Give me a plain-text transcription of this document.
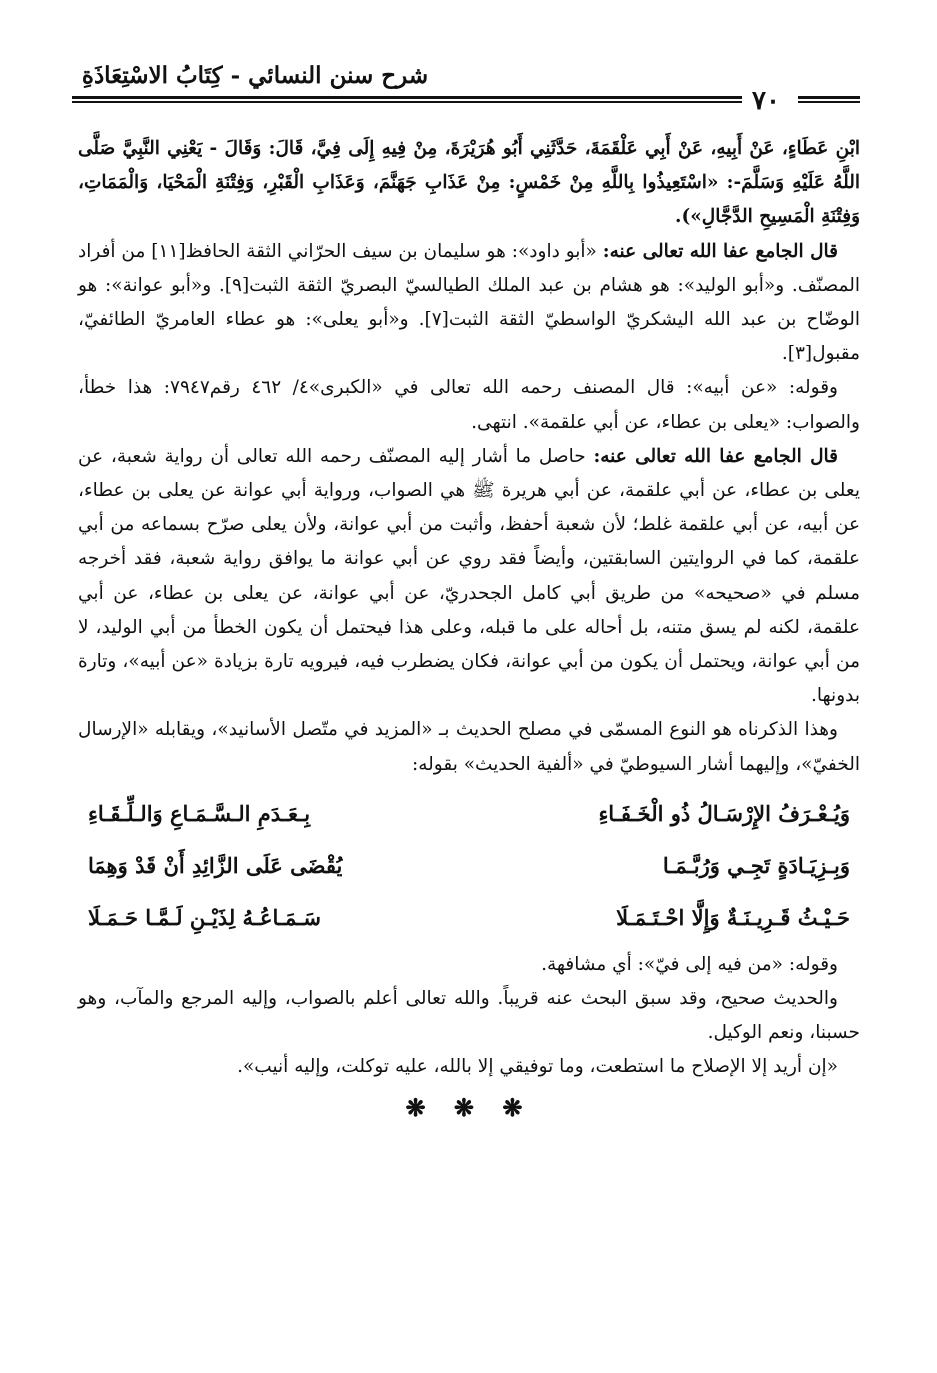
شرح سنن النسائي - كِتَابُ الاسْتِعَاذَةِ
٧٠

ابْنِ عَطَاءٍ، عَنْ أَبِيهِ، عَنْ أَبِي عَلْقَمَةَ، حَدَّثَنِي أَبُو هُرَيْرَةَ، مِنْ فِيهِ إِلَى فِيَّ، قَالَ: وَقَالَ - يَعْنِي النَّبِيَّ صَلَّى اللَّهُ عَلَيْهِ وَسَلَّمَ-: «اسْتَعِيذُوا بِاللَّهِ مِنْ خَمْسٍ: مِنْ عَذَابِ جَهَنَّمَ، وَعَذَابِ الْقَبْرِ، وَفِتْنَةِ الْمَحْيَا، وَالْمَمَاتِ، وَفِتْنَةِ الْمَسِيحِ الدَّجَّالِ»).

قال الجامع عفا الله تعالى عنه: «أبو داود»: هو سليمان بن سيف الحرّاني الثقة الحافظ[١١] من أفراد المصنّف. و«أبو الوليد»: هو هشام بن عبد الملك الطيالسيّ البصريّ الثقة الثبت[٩]. و«أبو عوانة»: هو الوضّاح بن عبد الله اليشكريّ الواسطيّ الثقة الثبت[٧]. و«أبو يعلى»: هو عطاء العامريّ الطائفيّ، مقبول[٣].

وقوله: «عن أبيه»: قال المصنف رحمه الله تعالى في «الكبرى»٤/ ٤٦٢ رقم٧٩٤٧: هذا خطأ، والصواب: «يعلى بن عطاء، عن أبي علقمة». انتهى.

قال الجامع عفا الله تعالى عنه: حاصل ما أشار إليه المصنّف رحمه الله تعالى أن رواية شعبة، عن يعلى بن عطاء، عن أبي علقمة، عن أبي هريرة ﷺ هي الصواب، ورواية أبي عوانة عن يعلى بن عطاء، عن أبيه، عن أبي علقمة غلط؛ لأن شعبة أحفظ، وأثبت من أبي عوانة، ولأن يعلى صرّح بسماعه من أبي علقمة، كما في الروايتين السابقتين، وأيضاً فقد روي عن أبي عوانة ما يوافق رواية شعبة، فقد أخرجه مسلم في «صحيحه» من طريق أبي كامل الجحدريّ، عن أبي عوانة، عن يعلى بن عطاء، عن أبي علقمة، لكنه لم يسق متنه، بل أحاله على ما قبله، وعلى هذا فيحتمل أن يكون الخطأ من أبي الوليد، لا من أبي عوانة، ويحتمل أن يكون من أبي عوانة، فكان يضطرب فيه، فيرويه تارة بزيادة «عن أبيه»، وتارة بدونها.

وهذا الذكرناه هو النوع المسمّى في مصلح الحديث بـ «المزيد في متّصل الأسانيد»، ويقابله «الإرسال الخفيّ»، وإليهما أشار السيوطيّ في «ألفية الحديث» بقوله:

وَيُـعْـرَفُ الإِرْسَـالُ ذُو الْخَـفَـاءِ
بِـعَـدَمِ الـسَّـمَـاعِ وَالـلِّـقَـاءِ
وَبِـزِيَـادَةٍ تَجِـي وَرُبَّـمَـا
يُقْضَى عَلَى الزَّائِدِ أَنْ قَدْ وَهِمَا
حَـيْـثُ قَـرِيـنَـةٌ وَإِلَّا احْـتَـمَـلَا
سَـمَـاعُـهُ لِذَيْـنِ لَـمَّـا حَـمَـلَا

وقوله: «من فيه إلى فيّ»: أي مشافهة.

والحديث صحيح، وقد سبق البحث عنه قريباً. والله تعالى أعلم بالصواب، وإليه المرجع والمآب، وهو حسبنا، ونعم الوكيل.

«إن أريد إلا الإصلاح ما استطعت، وما توفيقي إلا بالله، عليه توكلت، وإليه أنيب».

❋ ❋ ❋
